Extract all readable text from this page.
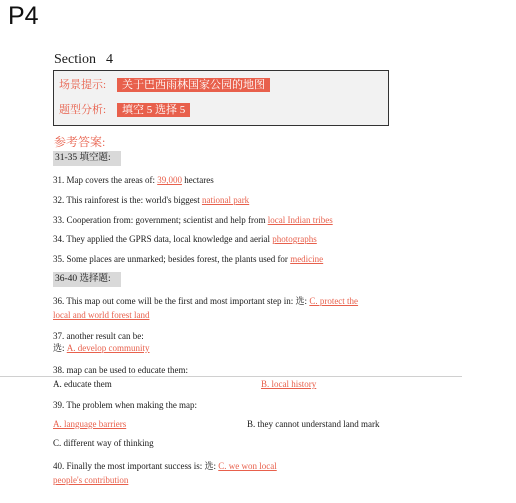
P4
Section 4
场景提示: 关于巴西雨林国家公园的地图
题型分析: 填空 5 选择 5
参考答案:
31-35 填空题:
31. Map covers the areas of: 39,000 hectares
32. This rainforest is the: world's biggest national park
33. Cooperation from: government; scientist and help from local Indian tribes
34. They applied the GPRS data, local knowledge and aerial photographs
35. Some places are unmarked; besides forest, the plants used for medicine
36-40 选择题:
36. This map out come will be the first and most important step in: 选: C. protect the
local and world forest land
37. another result can be:
选: A. develop community
38. map can be used to educate them:
A. educate them	B. local history
39. The problem when making the map:
A. language barriers	B. they cannot understand land mark
C. different way of thinking
40. Finally the most important success is: 选: C. we won local
people's contribution
